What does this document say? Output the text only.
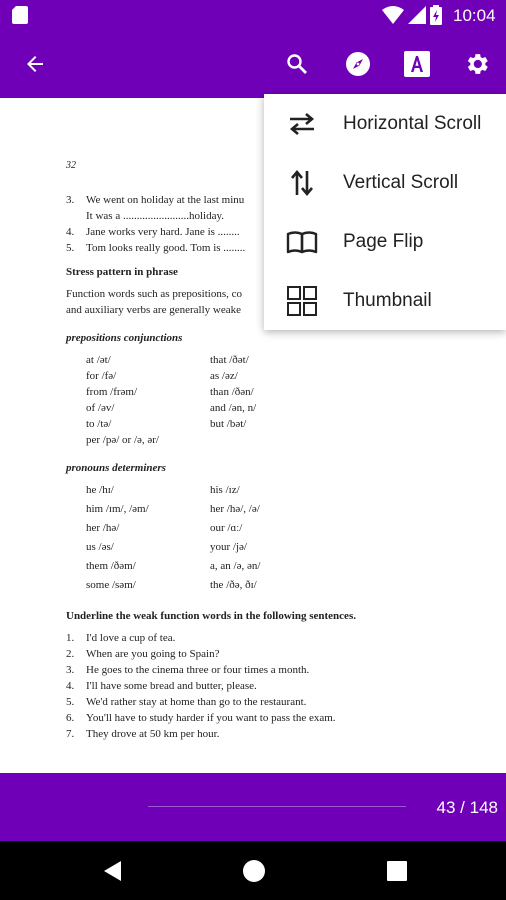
10:04
32
3. We went on holiday at the last minu
It was a ........................holiday.
4. Jane works very hard. Jane is ........
5. Tom looks really good. Tom is ........
Stress pattern in phrase
Function words such as prepositions, co
and auxiliary verbs are generally weake
prepositions conjunctions
at /ət/	that /ðət/
for /fə/	as /əz/
from /frəm/	than /ðən/
of /əv/	and /ən, n/
to /tə/	but /bət/
per /pə/ or /ə, ər/	
pronouns determiners
he /hɪ/	his /ɪz/
him /ɪm/, /əm/	her /hə/, /ə/
her /hə/	our /ɑː/
us /əs/	your /jə/
them /ðəm/	a, an /ə, ən/
some /səm/	the /ðə, ðɪ/
Underline the weak function words in the following sentences.
1. I'd love a cup of tea.
2. When are you going to Spain?
3. He goes to the cinema three or four times a month.
4. I'll have some bread and butter, please.
5. We'd rather stay at home than go to the restaurant.
6. You'll have to study harder if you want to pass the exam.
7. They drove at 50 km per hour.
Horizontal Scroll
Vertical Scroll
Page Flip
Thumbnail
43 / 148
